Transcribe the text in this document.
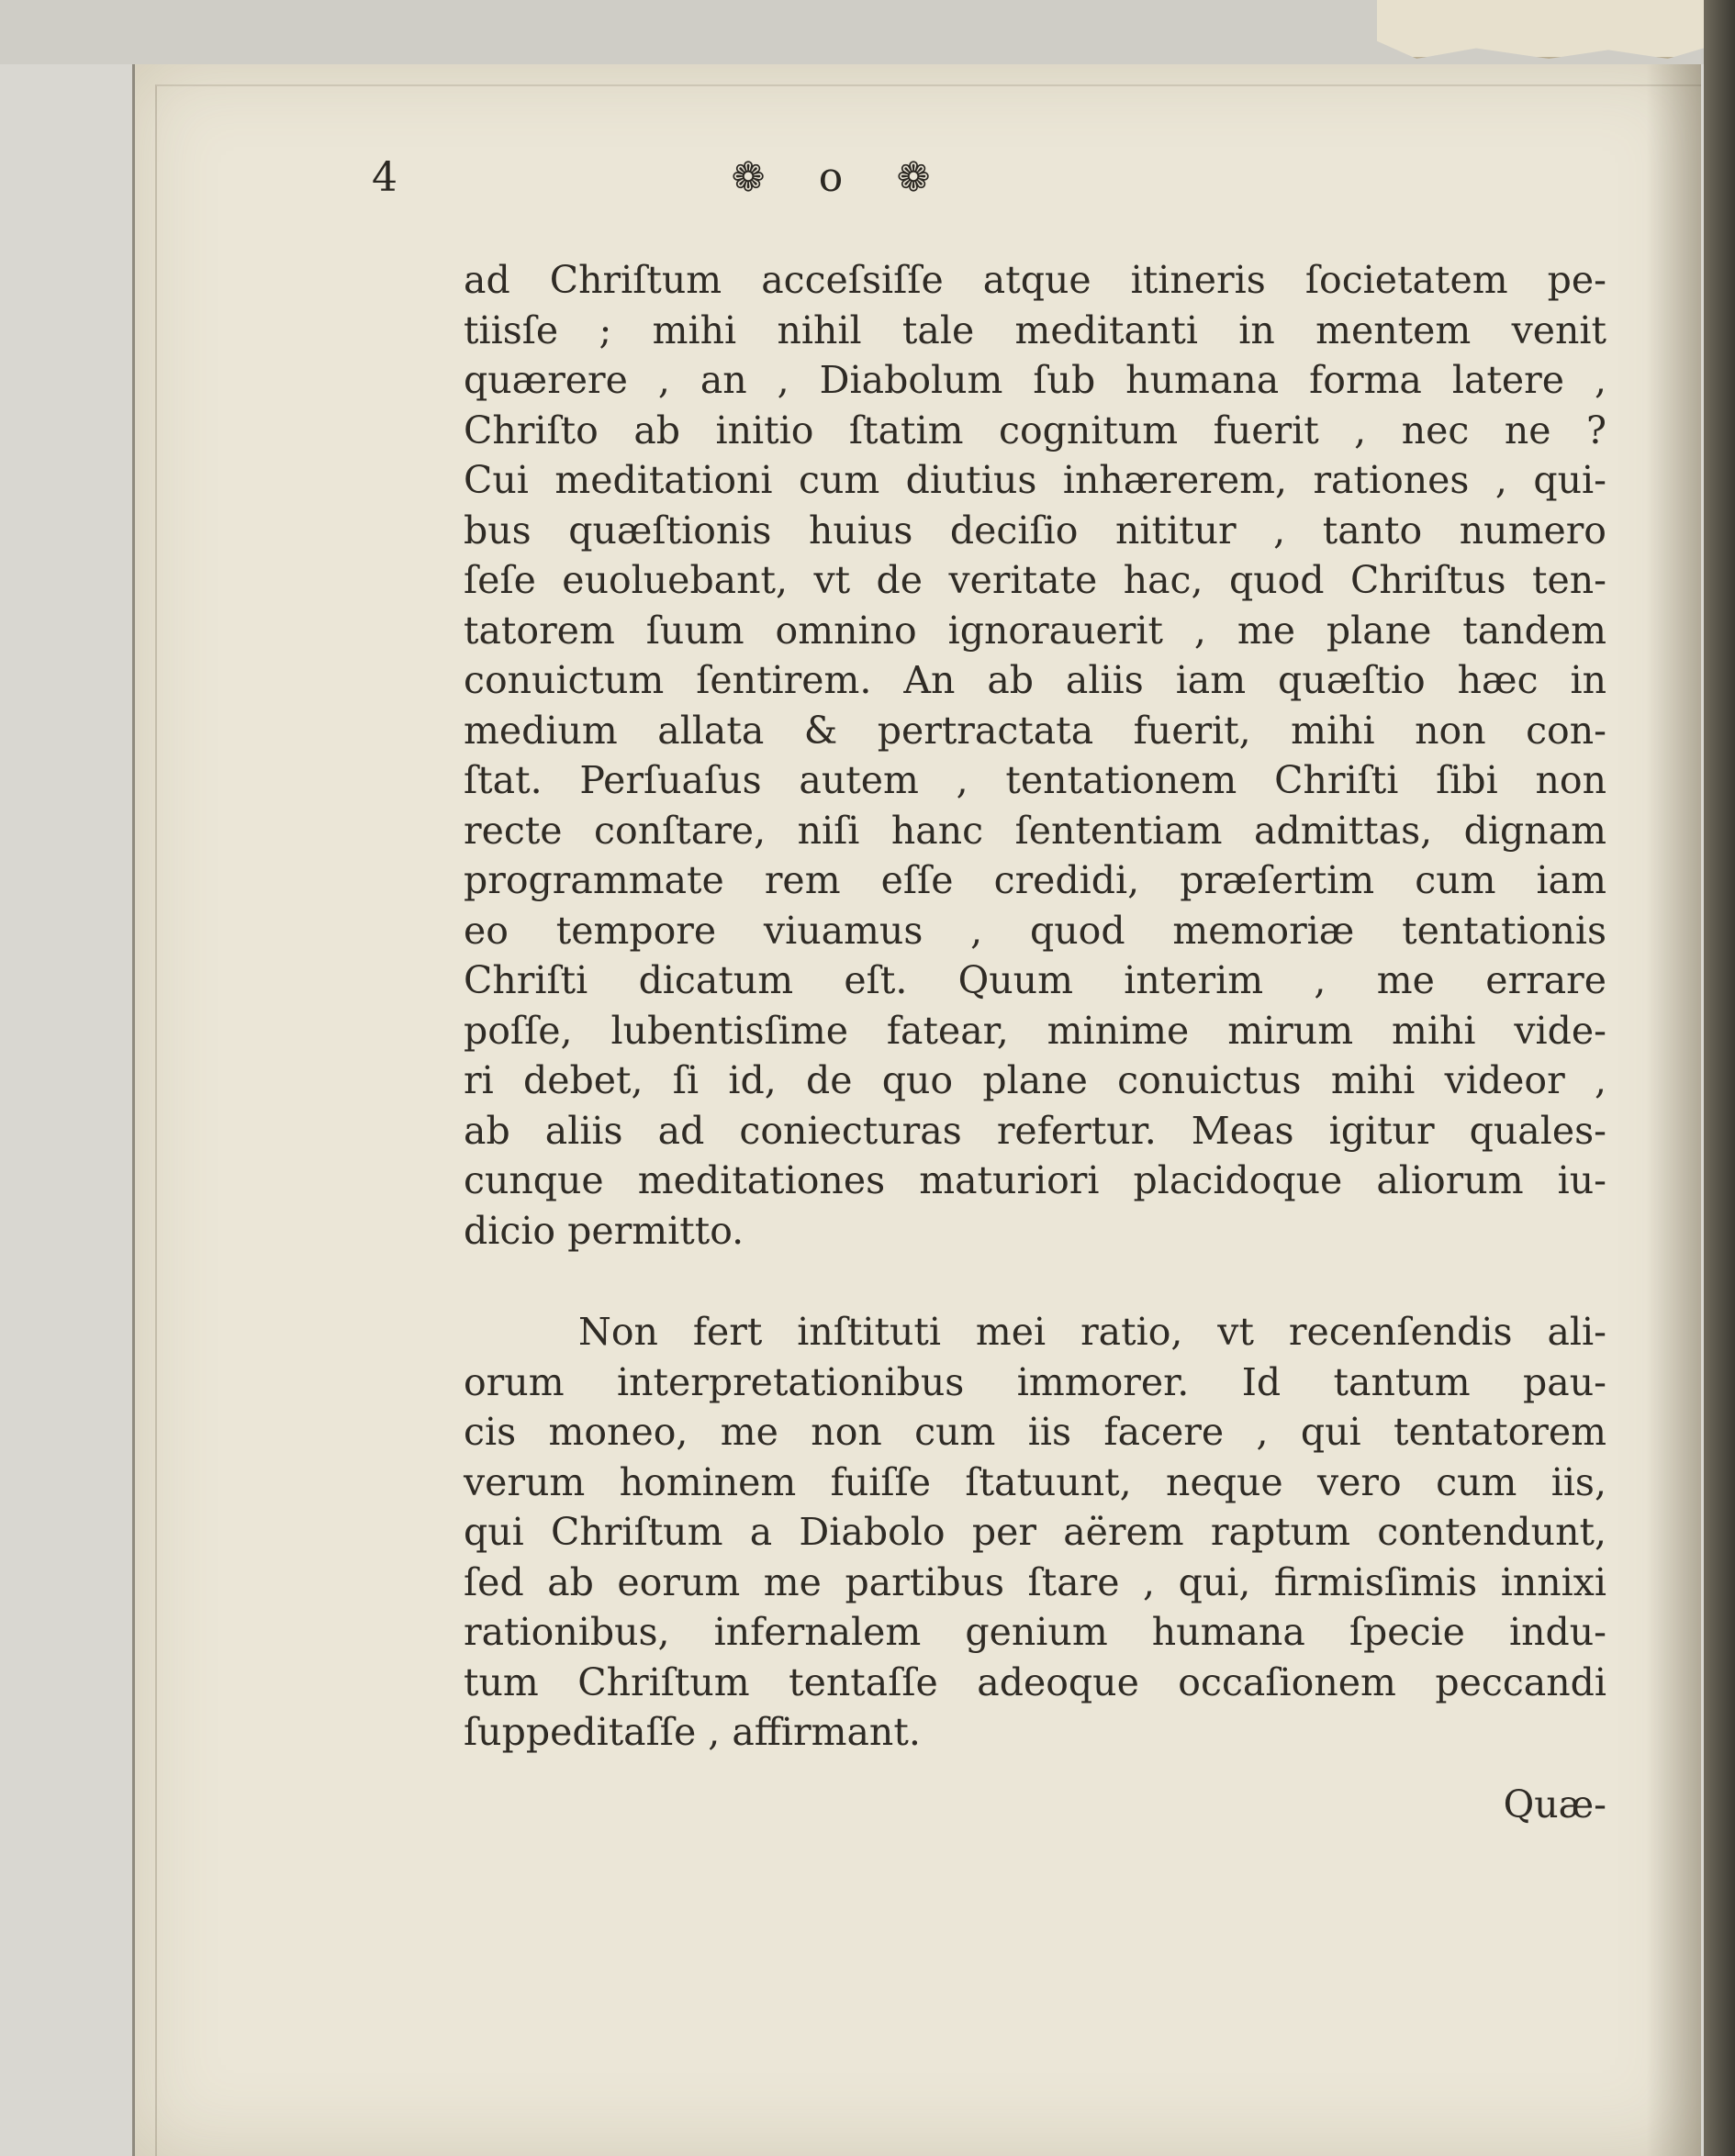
4	❁	o	❁
ad Chriſtum acceſsiſſe atque itineris ſocietatem pe-
tiisſe ; mihi nihil tale meditanti in mentem venit
quærere , an , Diabolum ſub humana forma latere ,
Chriſto ab initio ſtatim cognitum fuerit , nec ne ?
Cui meditationi cum diutius inhærerem, rationes , qui-
bus quæſtionis huius deciſio nititur , tanto numero
ſeſe euoluebant, vt de veritate hac, quod Chriſtus ten-
tatorem ſuum omnino ignorauerit , me plane tandem
conuictum ſentirem. An ab aliis iam quæſtio hæc in
medium allata & pertractata fuerit, mihi non con-
ſtat. Perſuaſus autem , tentationem Chriſti ſibi non
recte conſtare, niſi hanc ſententiam admittas, dignam
programmate rem eſſe credidi, præſertim cum iam
eo tempore viuamus , quod memoriæ tentationis
Chriſti dicatum eſt. Quum interim , me errare
poſſe, lubentisſime fatear, minime mirum mihi vide-
ri debet, ſi id, de quo plane conuictus mihi videor ,
ab aliis ad coniecturas refertur. Meas igitur quales-
cunque meditationes maturiori placidoque aliorum iu-
dicio permitto.
Non fert inſtituti mei ratio, vt recenſendis ali-
orum interpretationibus immorer. Id tantum pau-
cis moneo, me non cum iis facere , qui tentatorem
verum hominem fuiſſe ſtatuunt, neque vero cum iis,
qui Chriſtum a Diabolo per aërem raptum contendunt,
ſed ab eorum me partibus ſtare , qui, firmisſimis innixi
rationibus, infernalem genium humana ſpecie indu-
tum Chriſtum tentaſſe adeoque occaſionem peccandi
ſuppeditaſſe , affirmant.
Quæ-
